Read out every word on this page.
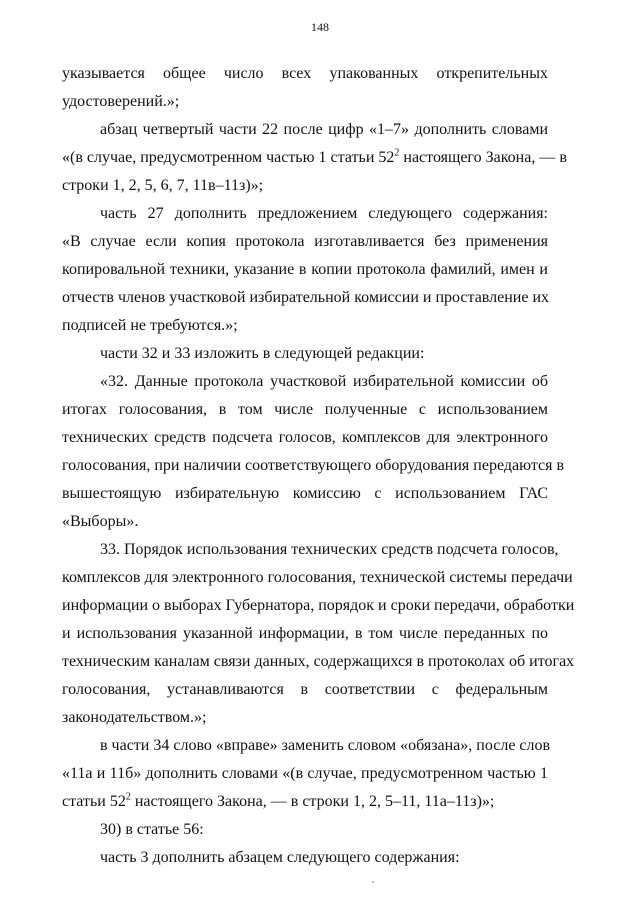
148
указывается общее число всех упакованных открепительных
удостоверений.»;
абзац четвертый части 22 после цифр «1–7» дополнить словами
«(в случае, предусмотренном частью 1 статьи $52^2$ настоящего Закона, — в
строки 1, 2, 5, 6, 7, 11в–11з)»;
часть 27 дополнить предложением следующего содержания:
«В случае если копия протокола изготавливается без применения
копировальной техники, указание в копии протокола фамилий, имен и
отчеств членов участковой избирательной комиссии и проставление их
подписей не требуются.»;
части 32 и 33 изложить в следующей редакции:
«32. Данные протокола участковой избирательной комиссии об
итогах голосования, в том числе полученные с использованием
технических средств подсчета голосов, комплексов для электронного
голосования, при наличии соответствующего оборудования передаются в
вышестоящую избирательную комиссию с использованием ГАС
«Выборы».
33. Порядок использования технических средств подсчета голосов,
комплексов для электронного голосования, технической системы передачи
информации о выборах Губернатора, порядок и сроки передачи, обработки
и использования указанной информации, в том числе переданных по
техническим каналам связи данных, содержащихся в протоколах об итогах
голосования, устанавливаются в соответствии с федеральным
законодательством.»;
в части 34 слово «вправе» заменить словом «обязана», после слов
«11а и 11б» дополнить словами «(в случае, предусмотренном частью 1
статьи $52^2$ настоящего Закона, — в строки 1, 2, 5–11, 11а–11з)»;
30) в статье 56:
часть 3 дополнить абзацем следующего содержания:
